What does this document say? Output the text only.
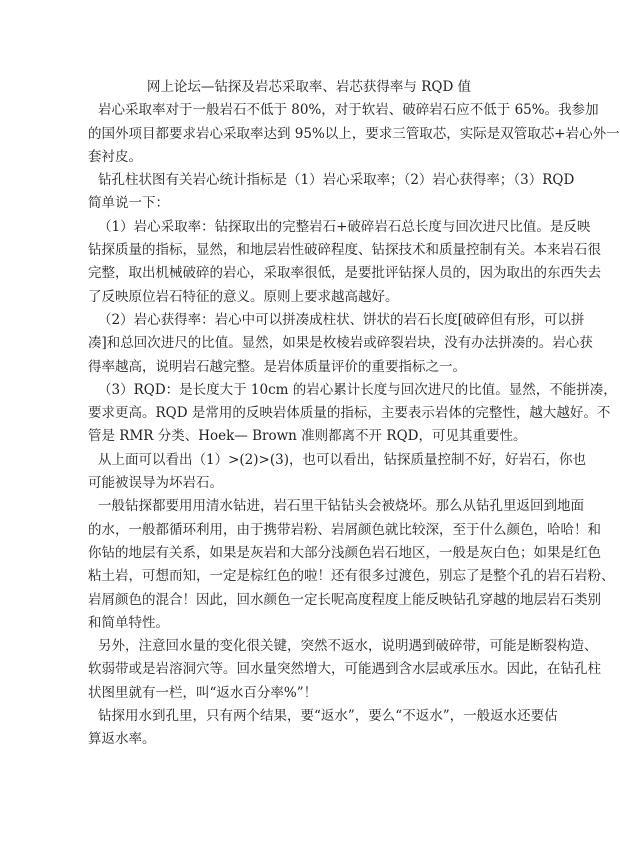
网上论坛—钻探及岩芯采取率、岩芯获得率与 RQD 值
岩心采取率对于一般岩石不低于 80%，对于软岩、破碎岩石应不低于 65%。我参加
的国外项目都要求岩心采取率达到 95%以上，要求三管取芯，实际是双管取芯+岩心外一
套衬皮。
钻孔柱状图有关岩心统计指标是（1）岩心采取率；（2）岩心获得率；（3）RQD
简单说一下：
（1）岩心采取率：钻探取出的完整岩石+破碎岩石总长度与回次进尺比值。是反映
钻探质量的指标，显然，和地层岩性破碎程度、钻探技术和质量控制有关。本来岩石很
完整，取出机械破碎的岩心，采取率很低，是要批评钻探人员的，因为取出的东西失去
了反映原位岩石特征的意义。原则上要求越高越好。
（2）岩心获得率：岩心中可以拼凑成柱状、饼状的岩石长度[破碎但有形，可以拼
凑]和总回次进尺的比值。显然，如果是枚棱岩或碎裂岩块，没有办法拼凑的。岩心获
得率越高，说明岩石越完整。是岩体质量评价的重要指标之一。
（3）RQD：是长度大于 10cm 的岩心累计长度与回次进尺的比值。显然，不能拼凑，
要求更高。RQD 是常用的反映岩体质量的指标，主要表示岩体的完整性，越大越好。不
管是 RMR 分类、Hoek— Brown 准则都离不开 RQD，可见其重要性。
从上面可以看出（1）>(2)>(3)，也可以看出，钻探质量控制不好，好岩石，你也
可能被误导为坏岩石。
一般钻探都要用用清水钻进，岩石里干钻钻头会被烧坏。那么从钻孔里返回到地面
的水，一般都循环利用，由于携带岩粉、岩屑颜色就比较深，至于什么颜色，哈哈！和
你钻的地层有关系，如果是灰岩和大部分浅颜色岩石地区，一般是灰白色；如果是红色
粘土岩，可想而知，一定是棕红色的啦！还有很多过渡色，别忘了是整个孔的岩石岩粉、
岩屑颜色的混合！因此，回水颜色一定长呢高度程度上能反映钻孔穿越的地层岩石类别
和简单特性。
另外，注意回水量的变化很关键，突然不返水，说明遇到破碎带，可能是断裂构造、
软弱带或是岩溶洞穴等。回水量突然增大，可能遇到含水层或承压水。因此，在钻孔柱
状图里就有一栏，叫“返水百分率%”！
钻探用水到孔里，只有两个结果，要“返水”，要么“不返水”，一般返水还要估
算返水率。
